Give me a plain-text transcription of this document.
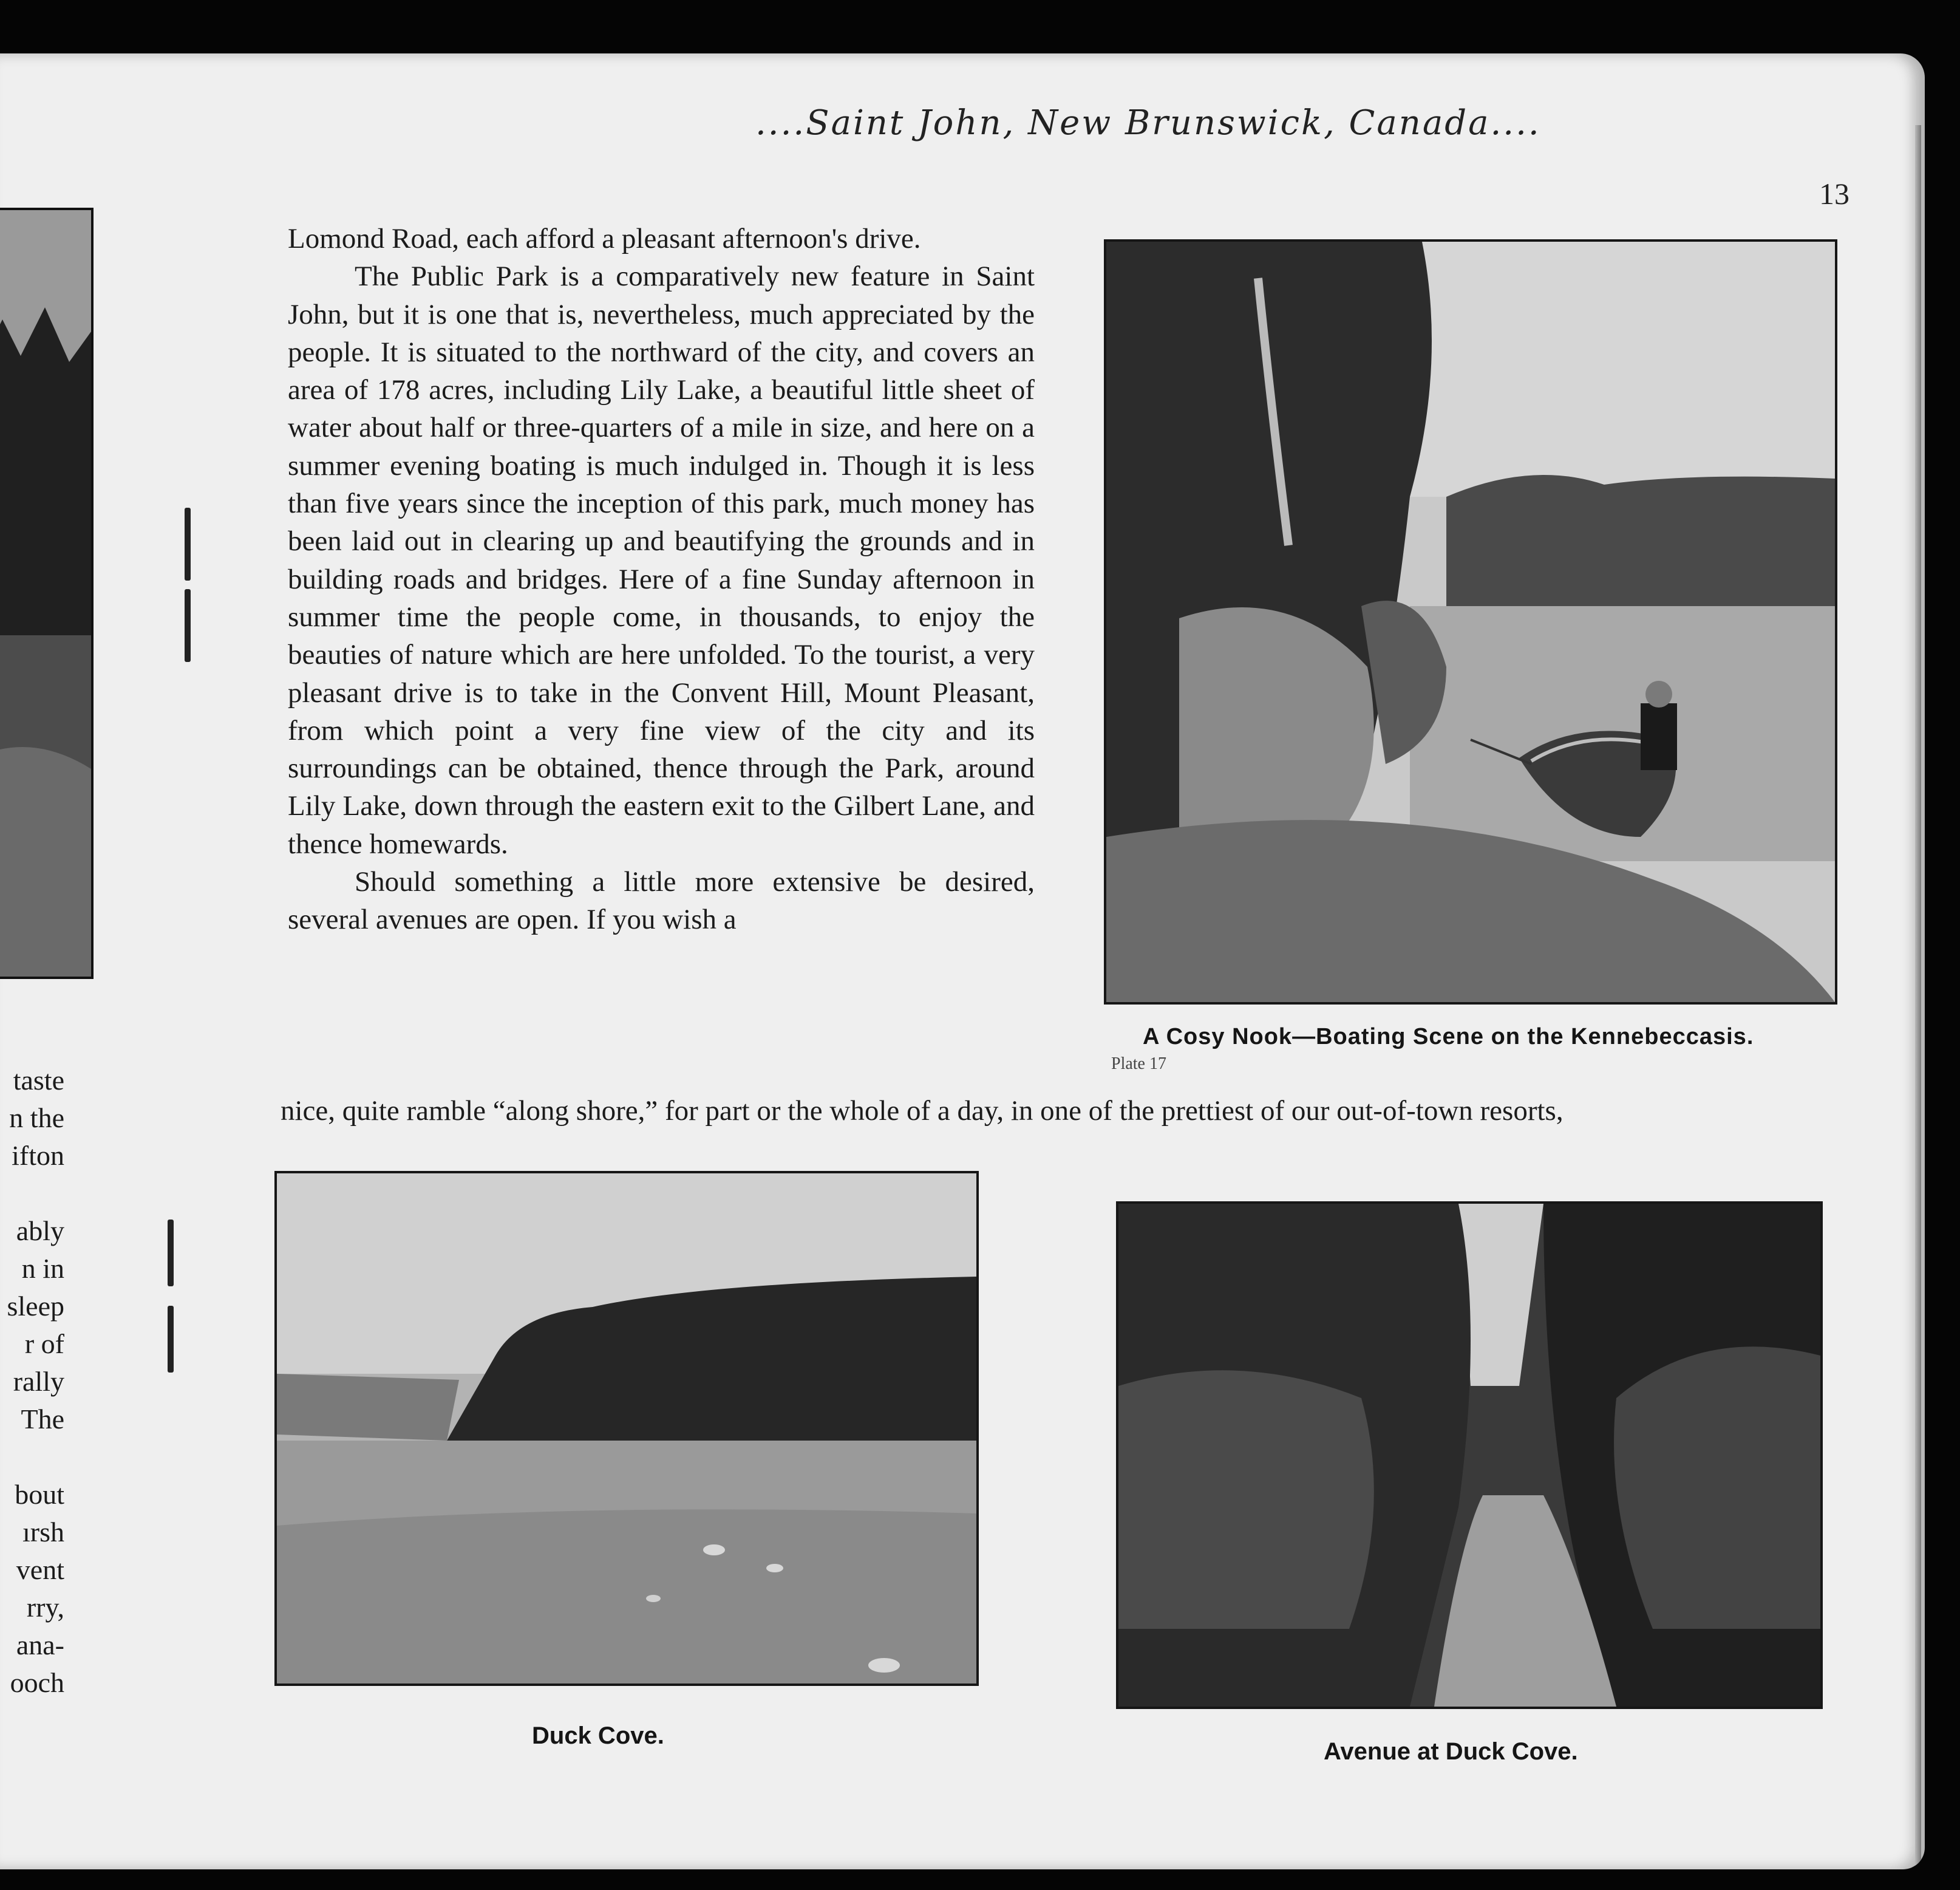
taste
n the
ifton
ably
n in
sleep
r of
rally
The
bout
ırsh
vent
rry,
ana-
ooch
....Saint John, New Brunswick, Canada....
13

Lomond Road, each afford a pleasant afternoon's drive.

The Public Park is a comparatively new feature in Saint John, but it is one that is, nevertheless, much appreciated by the people. It is situated to the northward of the city, and covers an area of 178 acres, including Lily Lake, a beautiful little sheet of water about half or three-quarters of a mile in size, and here on a summer evening boating is much indulged in. Though it is less than five years since the inception of this park, much money has been laid out in clearing up and beautifying the grounds and in building roads and bridges. Here of a fine Sunday afternoon in summer time the people come, in thousands, to enjoy the beauties of nature which are here unfolded. To the tourist, a very pleasant drive is to take in the Convent Hill, Mount Pleasant, from which point a very fine view of the city and its surroundings can be obtained, thence through the Park, around Lily Lake, down through the eastern exit to the Gilbert Lane, and thence homewards.

Should something a little more extensive be desired, several avenues are open. If you wish a

nice, quite ramble “along shore,” for part or the whole of a day, in one of the prettiest of our out-of-town resorts,
A Cosy Nook—Boating Scene on the Kennebeccasis.
Plate 17
Duck Cove.
Avenue at Duck Cove.
